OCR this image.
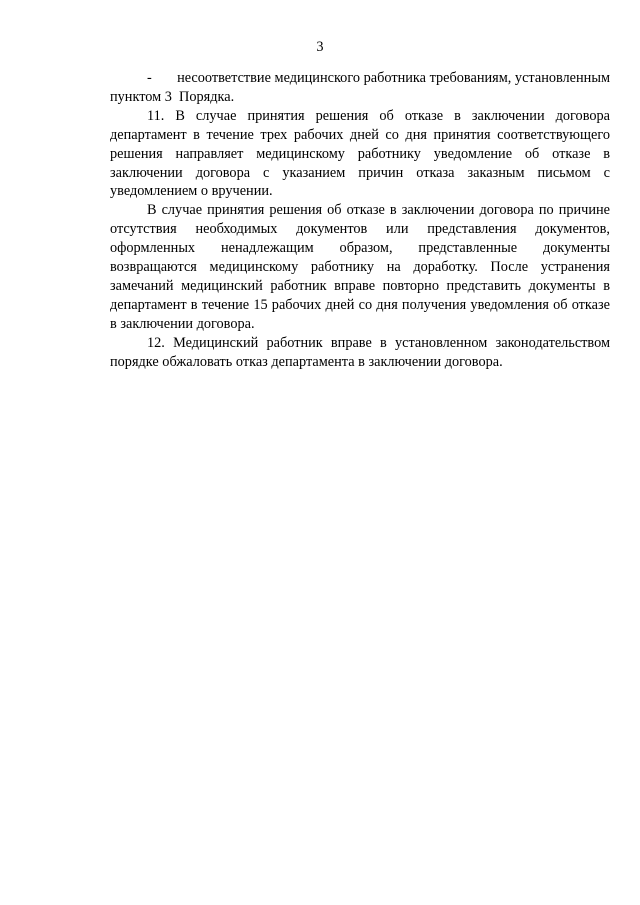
3

-       несоответствие медицинского работника требованиям, установленным пунктом 3  Порядка.

11. В случае принятия решения об отказе в заключении договора департамент в течение трех рабочих дней со дня принятия соответствующего решения направляет медицинскому работнику уведомление об отказе в заключении договора с указанием причин отказа заказным письмом с уведомлением о вручении.

В случае принятия решения об отказе в заключении договора по причине отсутствия необходимых документов или представления документов, оформленных ненадлежащим образом, представленные документы возвращаются медицинскому работнику на доработку. После устранения замечаний медицинский работник вправе повторно представить документы в департамент в течение 15 рабочих дней со дня получения уведомления об отказе в заключении договора.

12. Медицинский работник вправе в установленном законодательством порядке обжаловать отказ департамента в заключении договора.
